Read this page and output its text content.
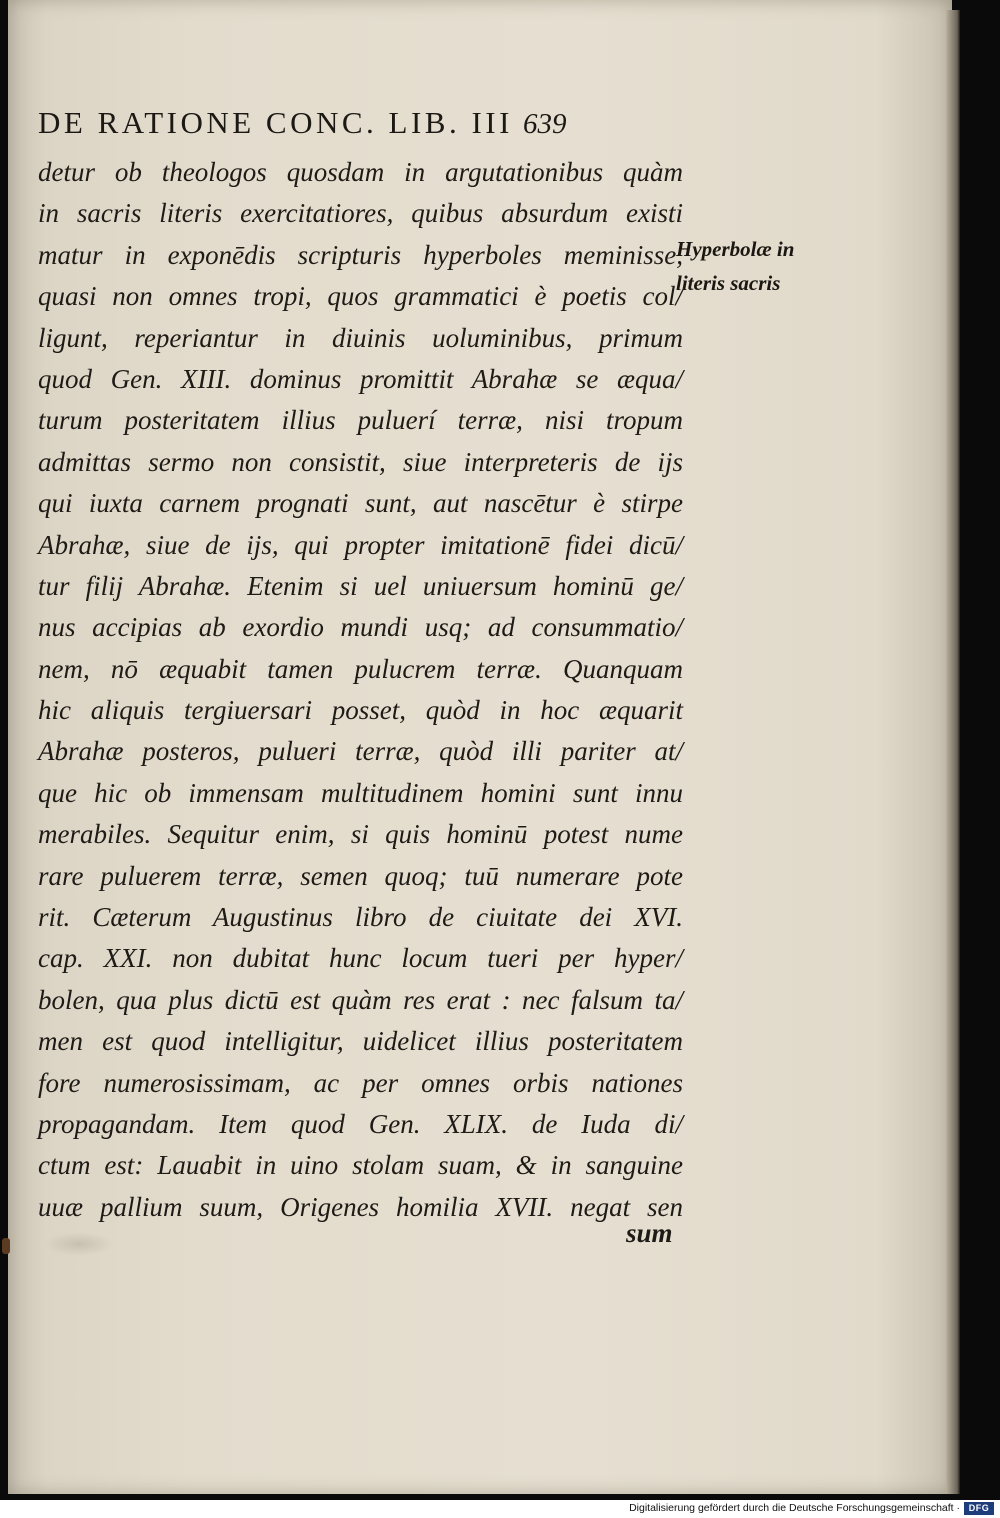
DE RATIONE CONC. LIB. III 639
detur ob theologos quosdam in argutationibus quàm
in sacris literis exercitatiores, quibus absurdum existi
matur in exponēdis scripturis hyperboles meminisse,
quasi non omnes tropi, quos grammatici è poetis col/
ligunt, reperiantur in diuinis uoluminibus, primum
quod Gen. XIII. dominus promittit Abrahæ se æqua/
turum posteritatem illius puluerí terræ, nisi tropum
admittas sermo non consistit, siue interpreteris de ijs
qui iuxta carnem prognati sunt, aut nascētur è stirpe
Abrahæ, siue de ijs, qui propter imitationē fidei dicū/
tur filij Abrahæ. Etenim si uel uniuersum hominū ge/
nus accipias ab exordio mundi usq; ad consummatio/
nem, nō æquabit tamen pulucrem terræ. Quanquam
hic aliquis tergiuersari posset, quòd in hoc æquarit
Abrahæ posteros, pulueri terræ, quòd illi pariter at/
que hic ob immensam multitudinem homini sunt innu
merabiles. Sequitur enim, si quis hominū potest nume
rare puluerem terræ, semen quoq; tuū numerare pote
rit. Cæterum Augustinus libro de ciuitate dei XVI.
cap. XXI. non dubitat hunc locum tueri per hyper/
bolen, qua plus dictū est quàm res erat : nec falsum ta/
men est quod intelligitur, uidelicet illius posteritatem
fore numerosissimam, ac per omnes orbis nationes
propagandam. Item quod Gen. XLIX. de Iuda di/
ctum est: Lauabit in uino stolam suam, & in sanguine
uuæ pallium suum, Origenes homilia XVII. negat sen
sum
Hyperbolæ in
literis sacris
Digitalisierung gefördert durch die Deutsche Forschungsgemeinschaft · DFG
